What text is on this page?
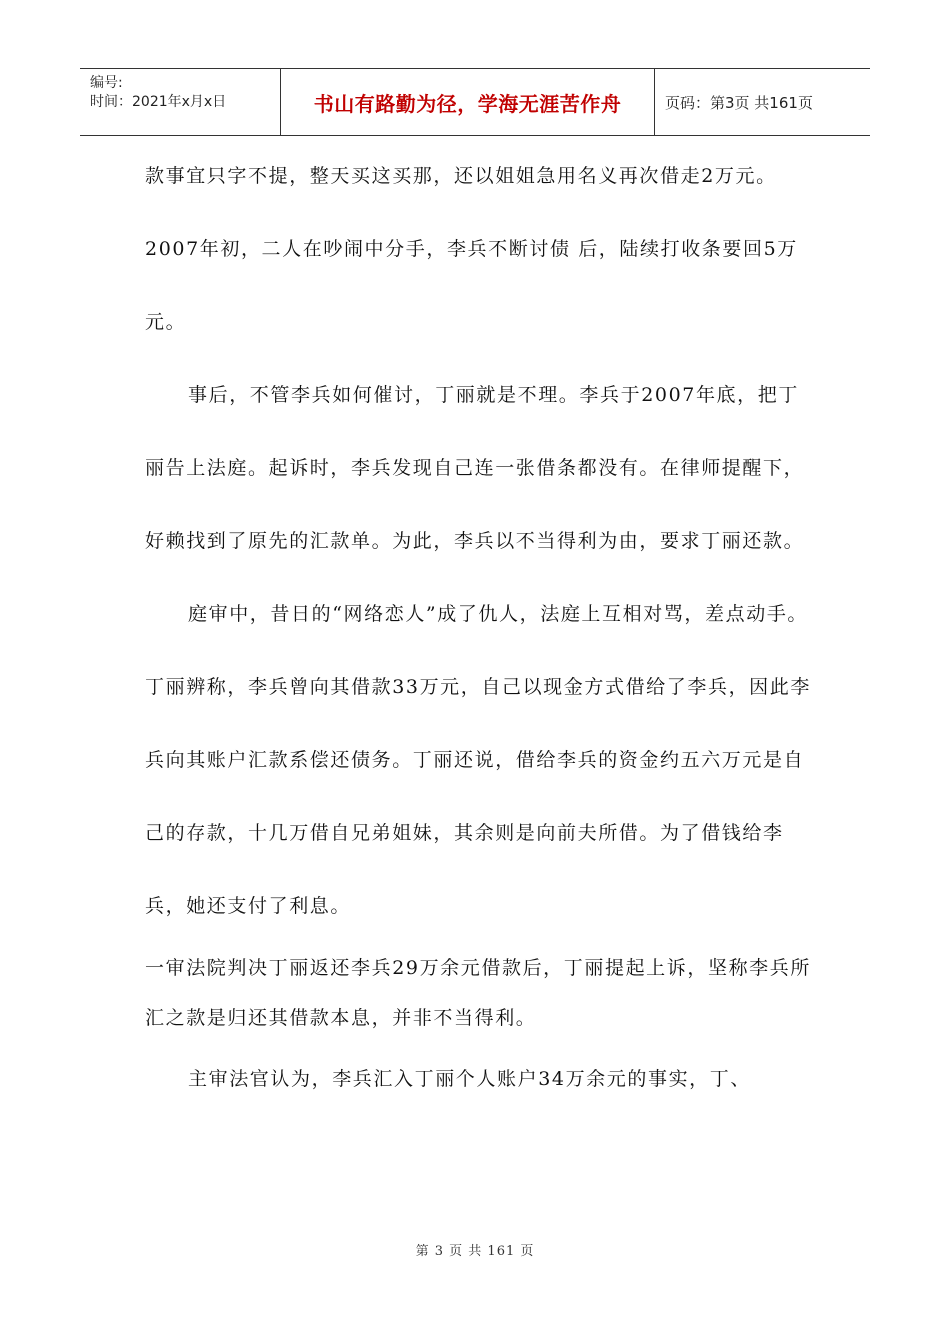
编号:
时间：2021年x月x日	书山有路勤为径，学海无涯苦作舟	页码：第3页 共161页

款事宜只字不提，整天买这买那，还以姐姐急用名义再次借走2万元。2007年初，二人在吵闹中分手，李兵不断讨债 后，陆续打收条要回5万元。

事后，不管李兵如何催讨，丁丽就是不理。李兵于2007年底，把丁丽告上法庭。起诉时，李兵发现自己连一张借条都没有。在律师提醒下，好赖找到了原先的汇款单。为此，李兵以不当得利为由，要求丁丽还款。

庭审中，昔日的“网络恋人”成了仇人，法庭上互相对骂，差点动手。丁丽辨称，李兵曾向其借款33万元，自己以现金方式借给了李兵，因此李兵向其账户汇款系偿还债务。丁丽还说，借给李兵的资金约五六万元是自己的存款，十几万借自兄弟姐妹，其余则是向前夫所借。为了借钱给李兵，她还支付了利息。

一审法院判决丁丽返还李兵29万余元借款后，丁丽提起上诉，坚称李兵所汇之款是归还其借款本息，并非不当得利。

主审法官认为，李兵汇入丁丽个人账户34万余元的事实，丁、

第 3 页 共 161 页
